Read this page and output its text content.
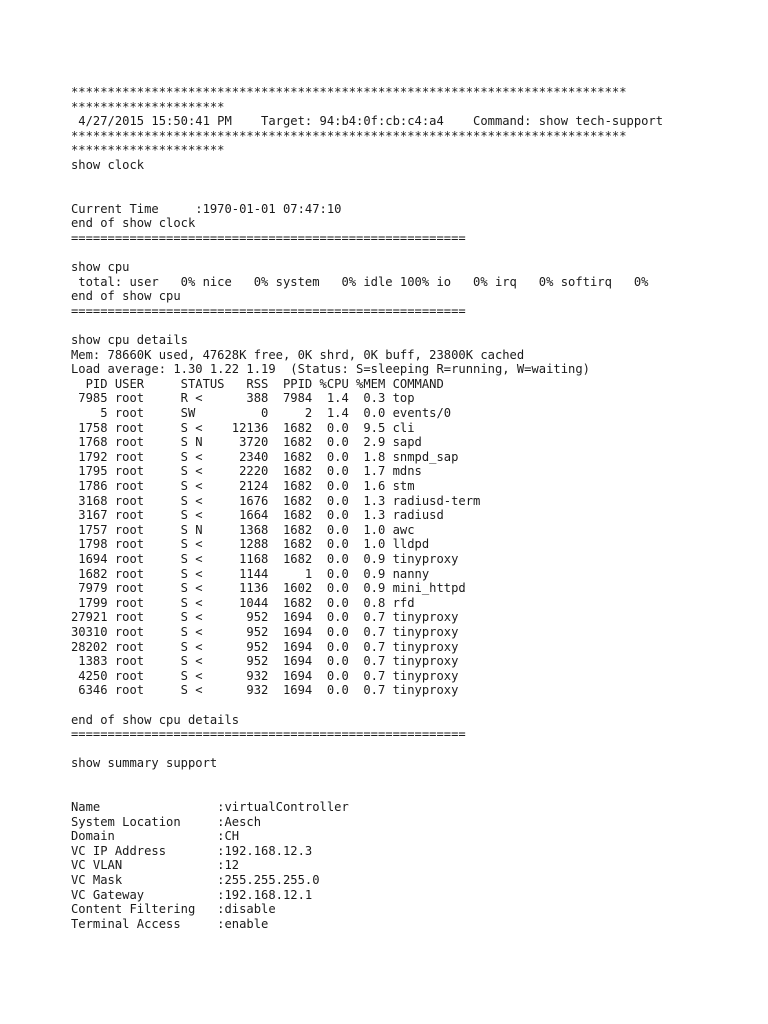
****************************************************************************
*********************
4/27/2015 15:50:41 PM    Target: 94:b4:0f:cb:c4:a4    Command: show tech-support
****************************************************************************
*********************
show clock
Current Time     :1970-01-01 07:47:10
end of show clock
======================================================
show cpu
total: user   0% nice   0% system   0% idle 100% io   0% irq   0% softirq   0%
end of show cpu
======================================================
show cpu details
Mem: 78660K used, 47628K free, 0K shrd, 0K buff, 23800K cached
Load average: 1.30 1.22 1.19  (Status: S=sleeping R=running, W=waiting)
PID USER     STATUS   RSS  PPID %CPU %MEM COMMAND
7985 root     R <      388  7984  1.4  0.3 top
5 root     SW         0     2  1.4  0.0 events/0
1758 root     S <    12136  1682  0.0  9.5 cli
1768 root     S N     3720  1682  0.0  2.9 sapd
1792 root     S <     2340  1682  0.0  1.8 snmpd_sap
1795 root     S <     2220  1682  0.0  1.7 mdns
1786 root     S <     2124  1682  0.0  1.6 stm
3168 root     S <     1676  1682  0.0  1.3 radiusd-term
3167 root     S <     1664  1682  0.0  1.3 radiusd
1757 root     S N     1368  1682  0.0  1.0 awc
1798 root     S <     1288  1682  0.0  1.0 lldpd
1694 root     S <     1168  1682  0.0  0.9 tinyproxy
1682 root     S <     1144     1  0.0  0.9 nanny
7979 root     S <     1136  1602  0.0  0.9 mini_httpd
1799 root     S <     1044  1682  0.0  0.8 rfd
27921 root     S <      952  1694  0.0  0.7 tinyproxy
30310 root     S <      952  1694  0.0  0.7 tinyproxy
28202 root     S <      952  1694  0.0  0.7 tinyproxy
1383 root     S <      952  1694  0.0  0.7 tinyproxy
4250 root     S <      932  1694  0.0  0.7 tinyproxy
6346 root     S <      932  1694  0.0  0.7 tinyproxy
end of show cpu details
======================================================
show summary support
Name                :virtualController
System Location     :Aesch
Domain              :CH
VC IP Address       :192.168.12.3
VC VLAN             :12
VC Mask             :255.255.255.0
VC Gateway          :192.168.12.1
Content Filtering   :disable
Terminal Access     :enable
